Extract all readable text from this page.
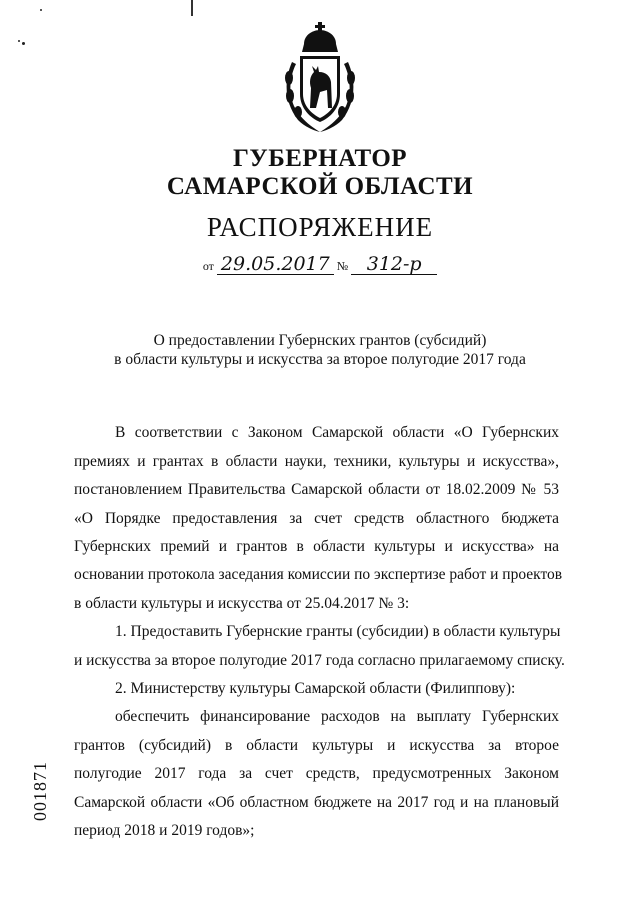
ГУБЕРНАТОР
САМАРСКОЙ ОБЛАСТИ
РАСПОРЯЖЕНИЕ
от 29.05.2017 № 312-р
О предоставлении Губернских грантов (субсидий)
в области культуры и искусства за второе полугодие 2017 года
В соответствии с Законом Самарской области «О Губернских
премиях и грантах в области науки, техники, культуры и искусства»,
постановлением Правительства Самарской области от 18.02.2009 № 53
«О Порядке предоставления за счет средств областного бюджета
Губернских премий и грантов в области культуры и искусства» на
основании протокола заседания комиссии по экспертизе работ и проектов
в области культуры и искусства от 25.04.2017 № 3:
1. Предоставить Губернские гранты (субсидии) в области культуры
и искусства за второе полугодие 2017 года согласно прилагаемому списку.
2. Министерству культуры Самарской области (Филиппову):
обеспечить финансирование расходов на выплату Губернских
грантов (субсидий) в области культуры и искусства за второе
полугодие 2017 года за счет средств, предусмотренных Законом
Самарской области «Об областном бюджете на 2017 год и на плановый
период 2018 и 2019 годов»;
001871
